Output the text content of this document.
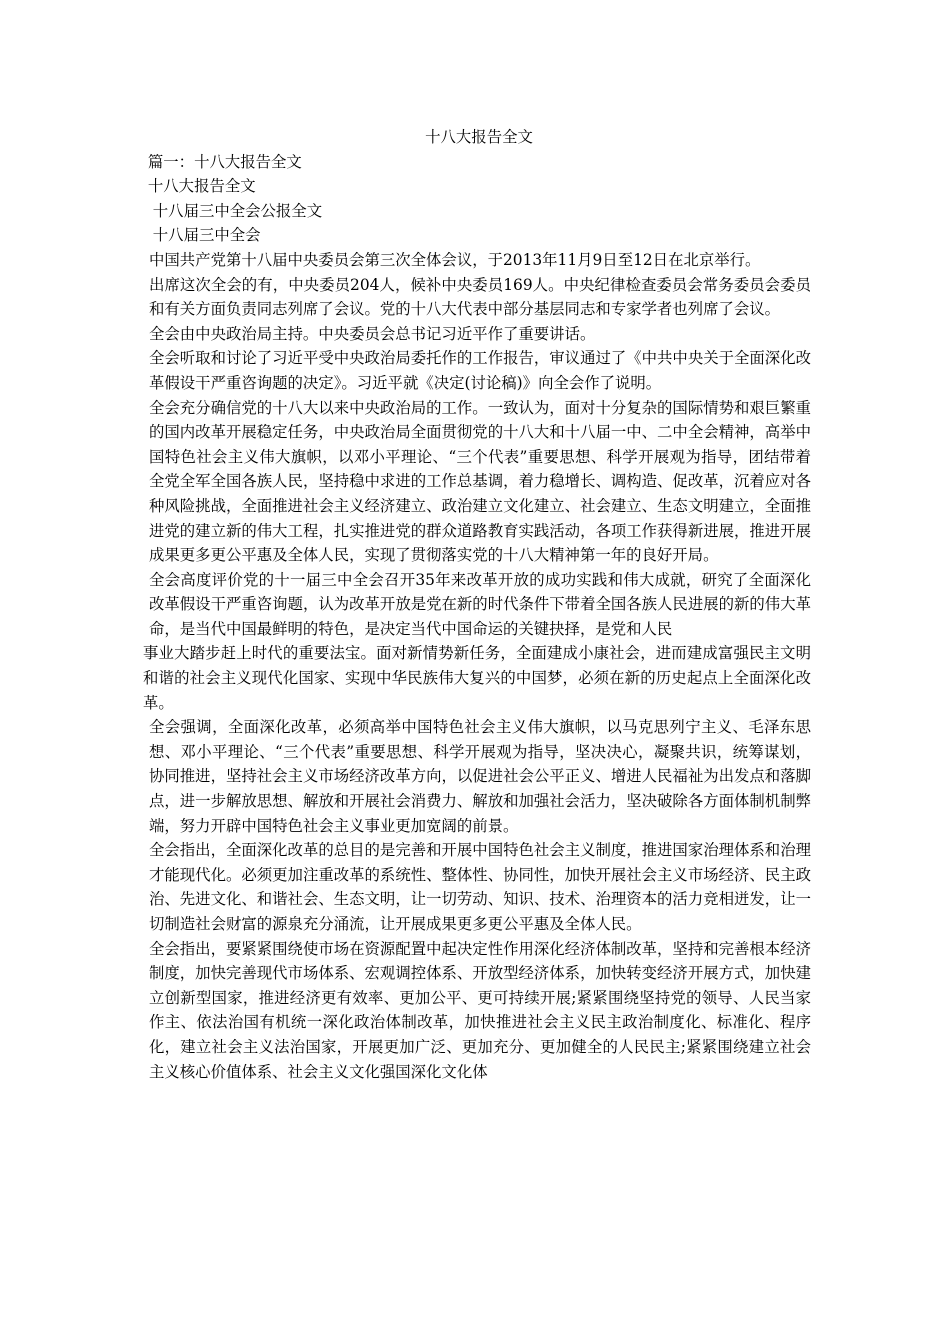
十八大报告全文

篇一：十八大报告全文

十八大报告全文

十八届三中全会公报全文

十八届三中全会

中国共产党第十八届中央委员会第三次全体会议，于2013年11月9日至12日在北京举行。

出席这次全会的有，中央委员204人，候补中央委员169人。中央纪律检查委员会常务委员会委员和有关方面负责同志列席了会议。党的十八大代表中部分基层同志和专家学者也列席了会议。

全会由中央政治局主持。中央委员会总书记习近平作了重要讲话。

全会听取和讨论了习近平受中央政治局委托作的工作报告，审议通过了《中共中央关于全面深化改革假设干严重咨询题的决定》。习近平就《决定(讨论稿)》向全会作了说明。

全会充分确信党的十八大以来中央政治局的工作。一致认为，面对十分复杂的国际情势和艰巨繁重的国内改革开展稳定任务，中央政治局全面贯彻党的十八大和十八届一中、二中全会精神，高举中国特色社会主义伟大旗帜，以邓小平理论、“三个代表”重要思想、科学开展观为指导，团结带着全党全军全国各族人民，坚持稳中求进的工作总基调，着力稳增长、调构造、促改革，沉着应对各种风险挑战，全面推进社会主义经济建立、政治建立文化建立、社会建立、生态文明建立，全面推进党的建立新的伟大工程，扎实推进党的群众道路教育实践活动，各项工作获得新进展，推进开展成果更多更公平惠及全体人民，实现了贯彻落实党的十八大精神第一年的良好开局。

全会高度评价党的十一届三中全会召开35年来改革开放的成功实践和伟大成就，研究了全面深化改革假设干严重咨询题，认为改革开放是党在新的时代条件下带着全国各族人民进展的新的伟大革命，是当代中国最鲜明的特色，是决定当代中国命运的关键抉择，是党和人民

事业大踏步赶上时代的重要法宝。面对新情势新任务，全面建成小康社会，进而建成富强民主文明和谐的社会主义现代化国家、实现中华民族伟大复兴的中国梦，必须在新的历史起点上全面深化改革。

全会强调，全面深化改革，必须高举中国特色社会主义伟大旗帜，以马克思列宁主义、毛泽东思想、邓小平理论、“三个代表”重要思想、科学开展观为指导，坚决决心，凝聚共识，统筹谋划，协同推进，坚持社会主义市场经济改革方向，以促进社会公平正义、增进人民福祉为出发点和落脚点，进一步解放思想、解放和开展社会消费力、解放和加强社会活力，坚决破除各方面体制机制弊端，努力开辟中国特色社会主义事业更加宽阔的前景。

全会指出，全面深化改革的总目的是完善和开展中国特色社会主义制度，推进国家治理体系和治理才能现代化。必须更加注重改革的系统性、整体性、协同性，加快开展社会主义市场经济、民主政治、先进文化、和谐社会、生态文明，让一切劳动、知识、技术、治理资本的活力竞相迸发，让一切制造社会财富的源泉充分涌流，让开展成果更多更公平惠及全体人民。

全会指出，要紧紧围绕使市场在资源配置中起决定性作用深化经济体制改革，坚持和完善根本经济制度，加快完善现代市场体系、宏观调控体系、开放型经济体系，加快转变经济开展方式，加快建立创新型国家，推进经济更有效率、更加公平、更可持续开展;紧紧围绕坚持党的领导、人民当家作主、依法治国有机统一深化政治体制改革，加快推进社会主义民主政治制度化、标准化、程序化，建立社会主义法治国家，开展更加广泛、更加充分、更加健全的人民民主;紧紧围绕建立社会主义核心价值体系、社会主义文化强国深化文化体
